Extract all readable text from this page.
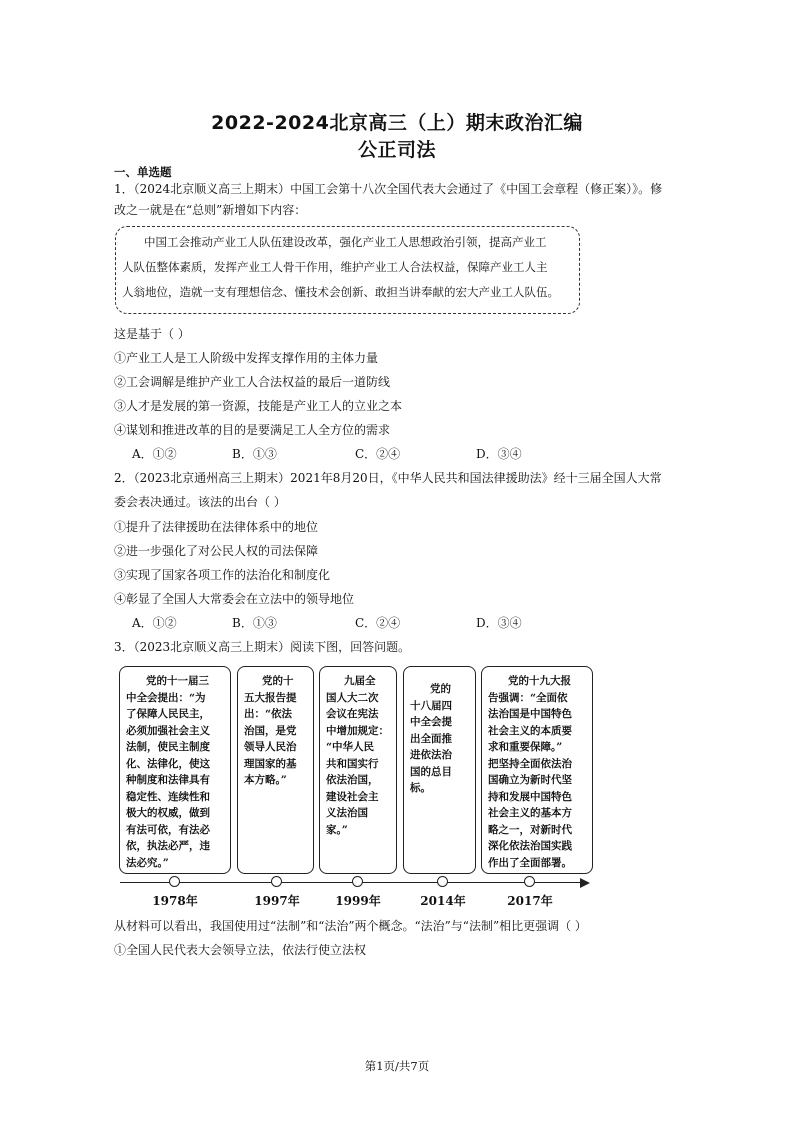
2022-2024北京高三（上）期末政治汇编
公正司法
一、单选题
1．（2024北京顺义高三上期末）中国工会第十八次全国代表大会通过了《中国工会章程（修正案）》。修
改之一就是在“总则”新增如下内容：
中国工会推动产业工人队伍建设改革，强化产业工人思想政治引领，提高产业工
人队伍整体素质，发挥产业工人骨干作用，维护产业工人合法权益，保障产业工人主
人翁地位，造就一支有理想信念、懂技术会创新、敢担当讲奉献的宏大产业工人队伍。
这是基于（ ）
①产业工人是工人阶级中发挥支撑作用的主体力量
②工会调解是维护产业工人合法权益的最后一道防线
③人才是发展的第一资源，技能是产业工人的立业之本
④谋划和推进改革的目的是要满足工人全方位的需求
A．①②	B．①③	C．②④	D．③④
2．（2023北京通州高三上期末）2021年8月20日，《中华人民共和国法律援助法》经十三届全国人大常
委会表决通过。该法的出台（ ）
①提升了法律援助在法律体系中的地位
②进一步强化了对公民人权的司法保障
③实现了国家各项工作的法治化和制度化
④彰显了全国人大常委会在立法中的领导地位
A．①②	B．①③	C．②④	D．③④
3．（2023北京顺义高三上期末）阅读下图，回答问题。
党的十一届三
中全会提出：“为
了保障人民民主，
必须加强社会主义
法制，使民主制度
化、法律化，使这
种制度和法律具有
稳定性、连续性和
极大的权威，做到
有法可依，有法必
依，执法必严，违
法必究。”
党的十
五大报告提
出：“依法
治国，是党
领导人民治
理国家的基
本方略。”
九届全
国人大二次
会议在宪法
中增加规定：
“中华人民
共和国实行
依法治国，
建设社会主
义法治国
家。”
党的
十八届四
中全会提
出全面推
进依法治
国的总目
标。
党的十九大报
告强调：“全面依
法治国是中国特色
社会主义的本质要
求和重要保障。”
把坚持全面依法治
国确立为新时代坚
持和发展中国特色
社会主义的基本方
略之一，对新时代
深化依法治国实践
作出了全面部署。
1978年	1997年	1999年	2014年	2017年
从材料可以看出，我国使用过“法制”和“法治”两个概念。“法治”与“法制”相比更强调（ ）
①全国人民代表大会领导立法，依法行使立法权
第1页/共7页
